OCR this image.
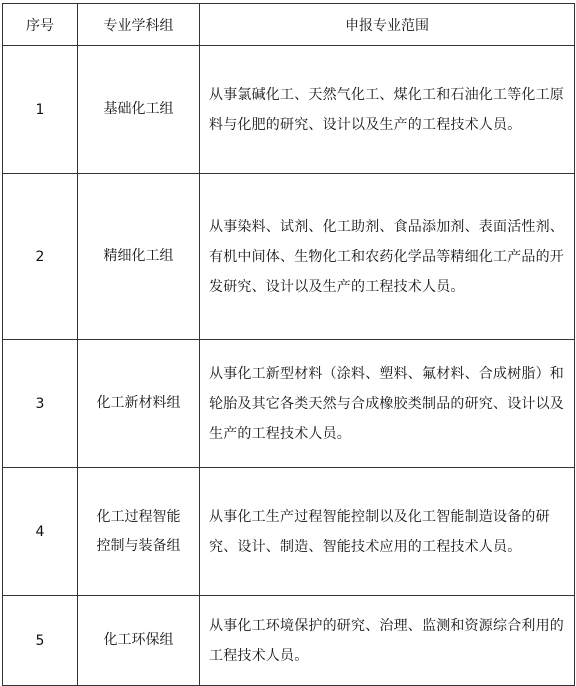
序号	专业学科组	申报专业范围
1	基础化工组	从事氯碱化工、天然气化工、煤化工和石油化工等化工原料与化肥的研究、设计以及生产的工程技术人员。
2	精细化工组	从事染料、试剂、化工助剂、食品添加剂、表面活性剂、有机中间体、生物化工和农药化学品等精细化工产品的开发研究、设计以及生产的工程技术人员。
3	化工新材料组	从事化工新型材料（涂料、塑料、氟材料、合成树脂）和轮胎及其它各类天然与合成橡胶类制品的研究、设计以及生产的工程技术人员。
4	化工过程智能控制与装备组	从事化工生产过程智能控制以及化工智能制造设备的研究、设计、制造、智能技术应用的工程技术人员。
5	化工环保组	从事化工环境保护的研究、治理、监测和资源综合利用的工程技术人员。
